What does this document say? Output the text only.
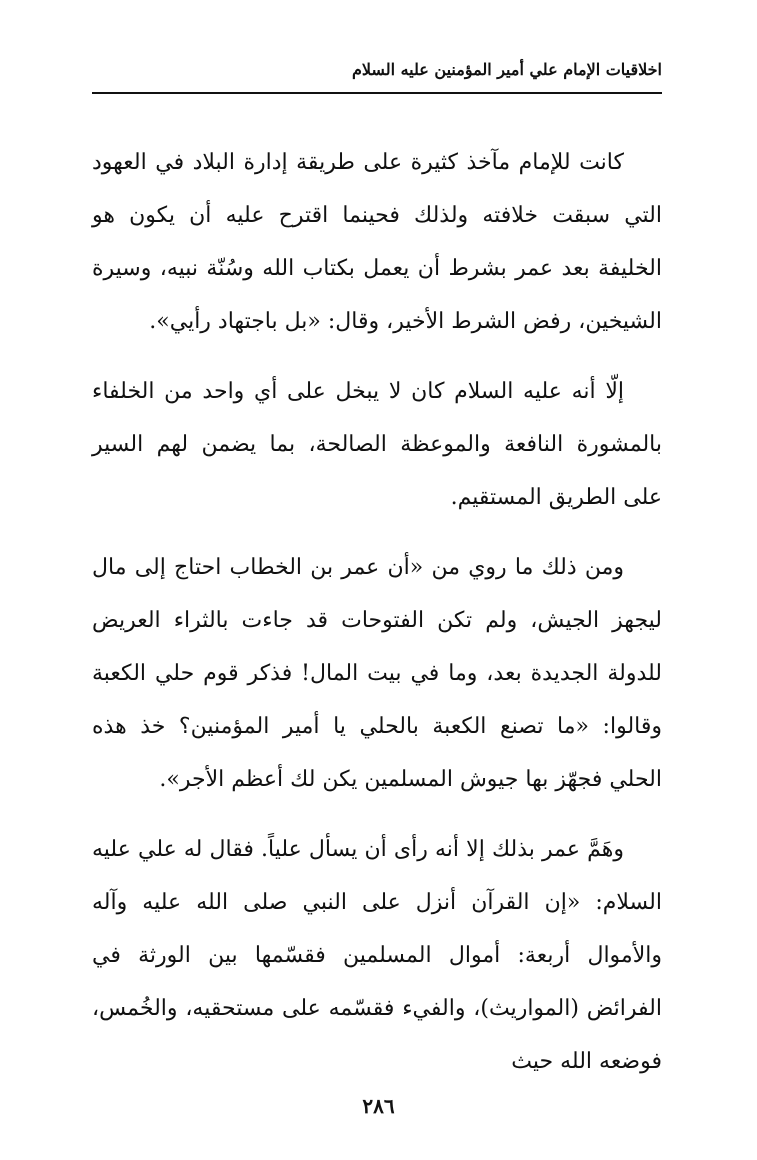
اخلاقيات الإمام علي أمير المؤمنين عليه السلام

كانت للإمام مآخذ كثيرة على طريقة إدارة البلاد في العهود التي سبقت خلافته ولذلك فحينما اقترح عليه أن يكون هو الخليفة بعد عمر بشرط أن يعمل بكتاب الله وسُنّة نبيه، وسيرة الشيخين، رفض الشرط الأخير، وقال: «بل باجتهاد رأيي».

إلّا أنه عليه السلام كان لا يبخل على أي واحد من الخلفاء بالمشورة النافعة والموعظة الصالحة، بما يضمن لهم السير على الطريق المستقيم.

ومن ذلك ما روي من «أن عمر بن الخطاب احتاج إلى مال ليجهز الجيش، ولم تكن الفتوحات قد جاءت بالثراء العريض للدولة الجديدة بعد، وما في بيت المال! فذكر قوم حلي الكعبة وقالوا: «ما تصنع الكعبة بالحلي يا أمير المؤمنين؟ خذ هذه الحلي فجهّز بها جيوش المسلمين يكن لك أعظم الأجر».

وهَمَّ عمر بذلك إلا أنه رأى أن يسأل علياً. فقال له علي عليه السلام: «إن القرآن أنزل على النبي صلى الله عليه وآله والأموال أربعة: أموال المسلمين فقسّمها بين الورثة في الفرائض (المواريث)، والفيء فقسّمه على مستحقيه، والخُمس، فوضعه الله حيث

٢٨٦
